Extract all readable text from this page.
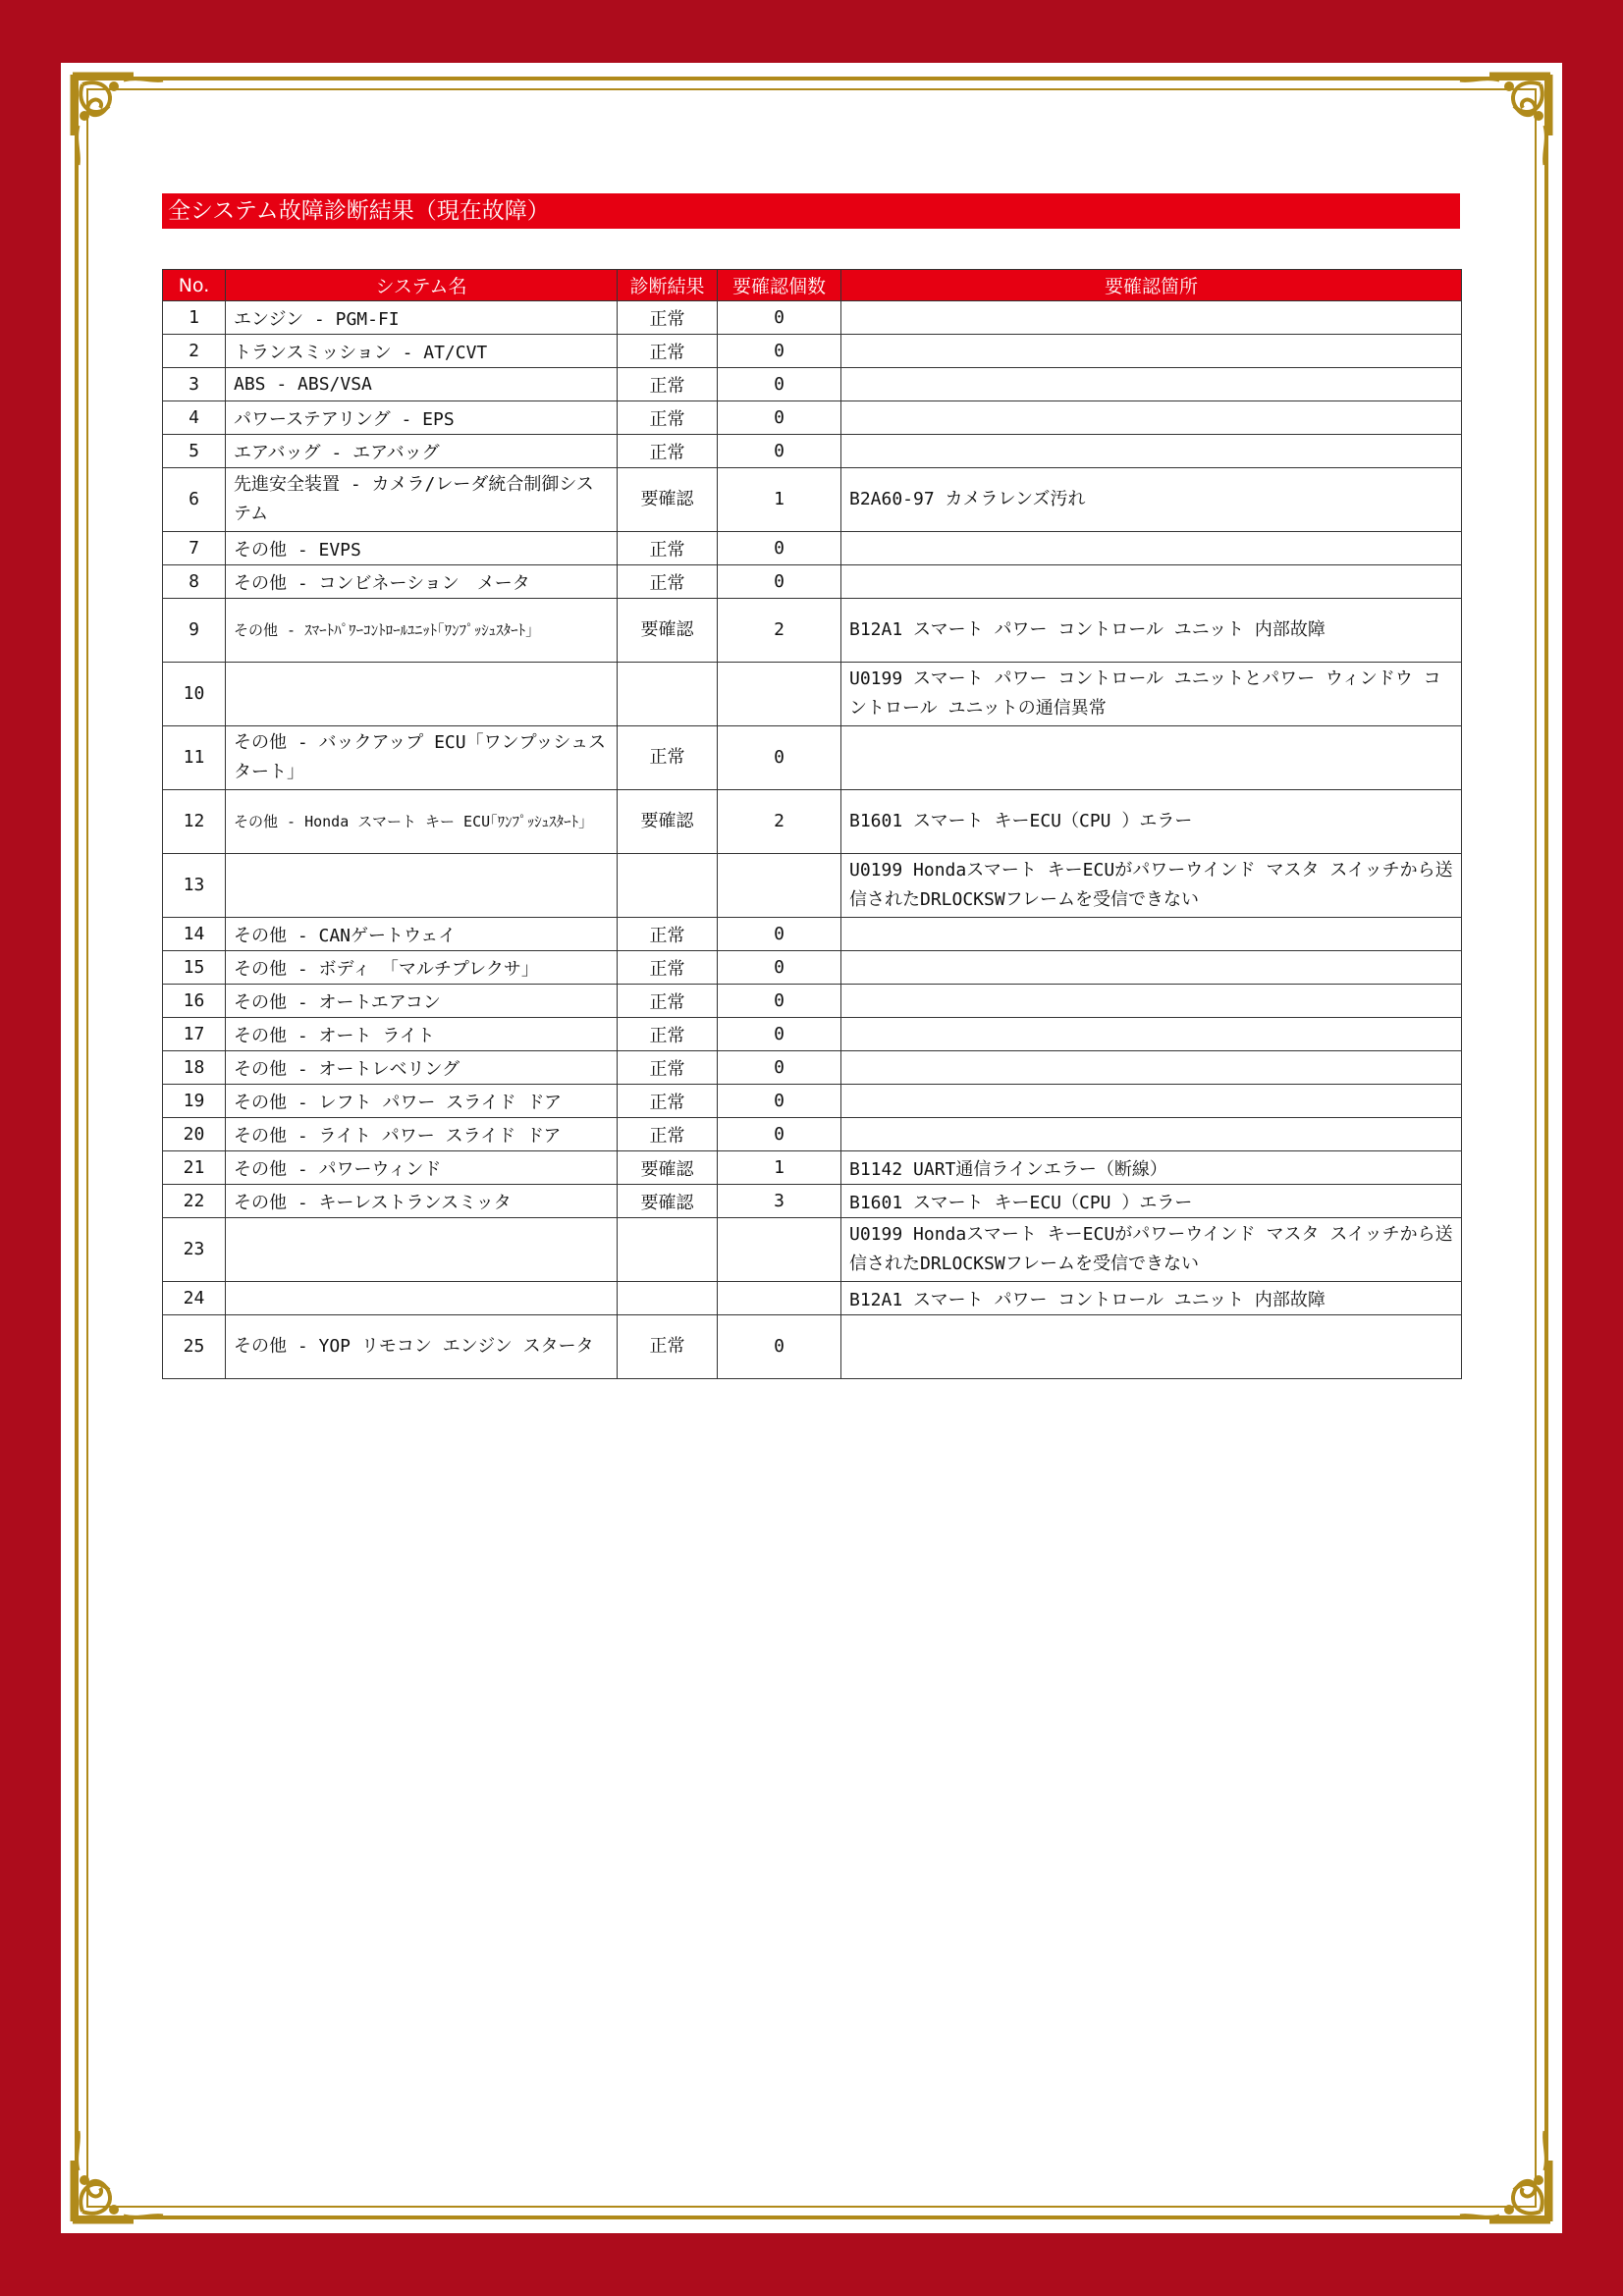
全システム故障診断結果（現在故障）
No.	システム名	診断結果	要確認個数	要確認箇所
1	エンジン - PGM-FI	正常	0	
2	トランスミッション - AT/CVT	正常	0	
3	ABS - ABS/VSA	正常	0	
4	パワーステアリング - EPS	正常	0	
5	エアバッグ - エアバッグ	正常	0	
6	先進安全装置 - カメラ/レーダ統合制御システム	要確認	1	B2A60-97 カメラレンズ汚れ
7	その他 - EVPS	正常	0	
8	その他 - コンビネーション　メータ	正常	0	
9	その他 - ｽﾏｰﾄﾊﾟﾜｰｺﾝﾄﾛｰﾙﾕﾆｯﾄ｢ﾜﾝﾌﾟｯｼｭｽﾀｰﾄ｣	要確認	2	B12A1 スマート パワー コントロール ユニット 内部故障
10				U0199 スマート パワー コントロール ユニットとパワー ウィンドウ コントロール ユニットの通信異常
11	その他 - バックアップ ECU「ワンプッシュスタート」	正常	0	
12	その他 - Honda スマート キー ECU｢ﾜﾝﾌﾟｯｼｭｽﾀｰﾄ｣	要確認	2	B1601 スマート キーECU（CPU ）エラー
13				U0199 Hondaスマート キーECUがパワーウインド マスタ スイッチから送信されたDRLOCKSWフレームを受信できない
14	その他 - CANゲートウェイ	正常	0	
15	その他 - ボディ 「マルチプレクサ」	正常	0	
16	その他 - オートエアコン	正常	0	
17	その他 - オート ライト	正常	0	
18	その他 - オートレベリング	正常	0	
19	その他 - レフト パワー スライド ドア	正常	0	
20	その他 - ライト パワー スライド ドア	正常	0	
21	その他 - パワーウィンド	要確認	1	B1142 UART通信ラインエラー（断線）
22	その他 - キーレストランスミッタ	要確認	3	B1601 スマート キーECU（CPU ）エラー
23				U0199 Hondaスマート キーECUがパワーウインド マスタ スイッチから送信されたDRLOCKSWフレームを受信できない
24				B12A1 スマート パワー コントロール ユニット 内部故障
25	その他 - YOP リモコン エンジン スタータ	正常	0	
